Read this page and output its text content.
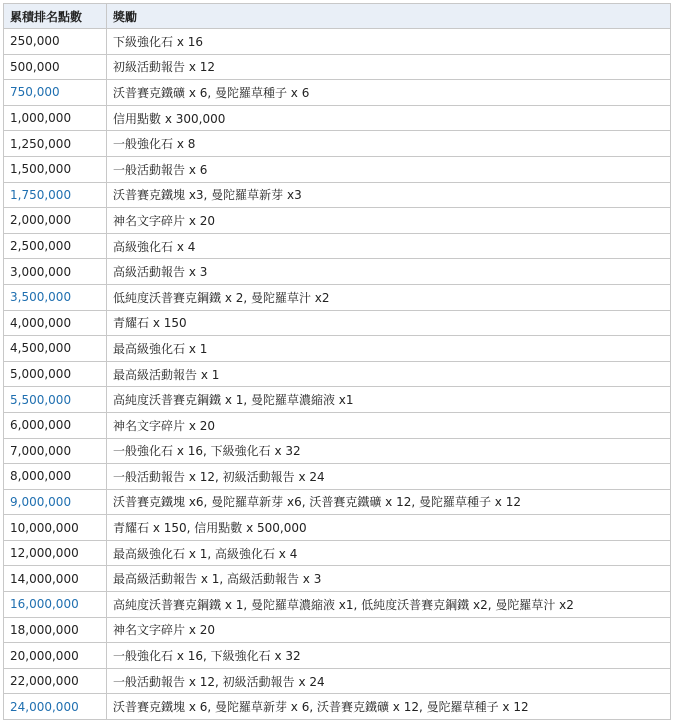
累積排名點數	獎勵
250,000	下級強化石 x 16
500,000	初級活動報告 x 12
750,000	沃普賽克鐵礦 x 6, 曼陀羅草種子 x 6
1,000,000	信用點數 x 300,000
1,250,000	一般強化石 x 8
1,500,000	一般活動報告 x 6
1,750,000	沃普賽克鐵塊 x3, 曼陀羅草新芽 x3
2,000,000	神名文字碎片 x 20
2,500,000	高級強化石 x 4
3,000,000	高級活動報告 x 3
3,500,000	低純度沃普賽克鋼鐵 x 2, 曼陀羅草汁 x2
4,000,000	青耀石 x 150
4,500,000	最高級強化石 x 1
5,000,000	最高級活動報告 x 1
5,500,000	高純度沃普賽克鋼鐵 x 1, 曼陀羅草濃縮液 x1
6,000,000	神名文字碎片 x 20
7,000,000	一般強化石 x 16, 下級強化石 x 32
8,000,000	一般活動報告 x 12, 初級活動報告 x 24
9,000,000	沃普賽克鐵塊 x6, 曼陀羅草新芽 x6, 沃普賽克鐵礦 x 12, 曼陀羅草種子 x 12
10,000,000	青耀石 x 150, 信用點數 x 500,000
12,000,000	最高級強化石 x 1, 高級強化石 x 4
14,000,000	最高級活動報告 x 1, 高級活動報告 x 3
16,000,000	高純度沃普賽克鋼鐵 x 1, 曼陀羅草濃縮液 x1, 低純度沃普賽克鋼鐵 x2, 曼陀羅草汁 x2
18,000,000	神名文字碎片 x 20
20,000,000	一般強化石 x 16, 下級強化石 x 32
22,000,000	一般活動報告 x 12, 初級活動報告 x 24
24,000,000	沃普賽克鐵塊 x 6, 曼陀羅草新芽 x 6, 沃普賽克鐵礦 x 12, 曼陀羅草種子 x 12
